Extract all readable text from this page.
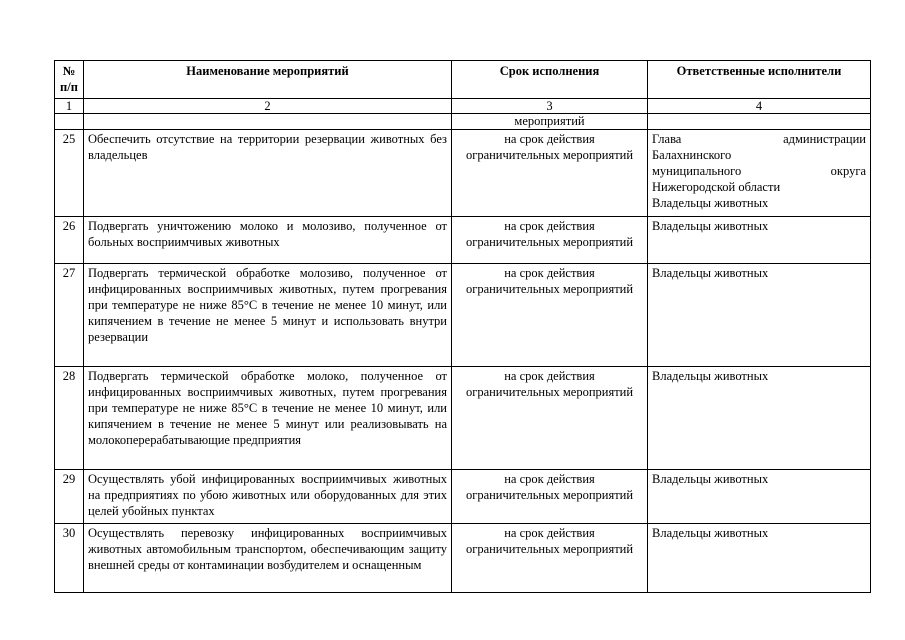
№ п/п	Наименование мероприятий	Срок исполнения	Ответственные исполнители
1	2	3	4
		мероприятий	
25	Обеспечить отсутствие на территории резервации животных без владельцев	на срок действия ограничительных мероприятий	Глава администрации
Балахнинского
муниципального округа
Нижегородской области
Владельцы животных

26	Подвергать уничтожению молоко и молозиво, полученное от больных восприимчивых животных	на срок действия ограничительных мероприятий	Владельцы животных

27	Подвергать термической обработке молозиво, полученное от инфицированных восприимчивых животных, путем прогревания при температуре не ниже 85°С в течение не менее 10 минут, или кипячением в течение не менее 5 минут и использовать внутри резервации	на срок действия ограничительных мероприятий	Владельцы животных

28	Подвергать термической обработке молоко, полученное от инфицированных восприимчивых животных, путем прогревания при температуре не ниже 85°С в течение не менее 10 минут, или кипячением в течение не менее 5 минут или реализовывать на молокоперерабатывающие предприятия	на срок действия ограничительных мероприятий	Владельцы животных

29	Осуществлять убой инфицированных восприимчивых животных на предприятиях по убою животных или оборудованных для этих целей убойных пунктах	на срок действия ограничительных мероприятий	Владельцы животных

30	Осуществлять перевозку инфицированных восприимчивых животных автомобильным транспортом, обеспечивающим защиту внешней среды от контаминации возбудителем и оснащенным	на срок действия ограничительных мероприятий	Владельцы животных
